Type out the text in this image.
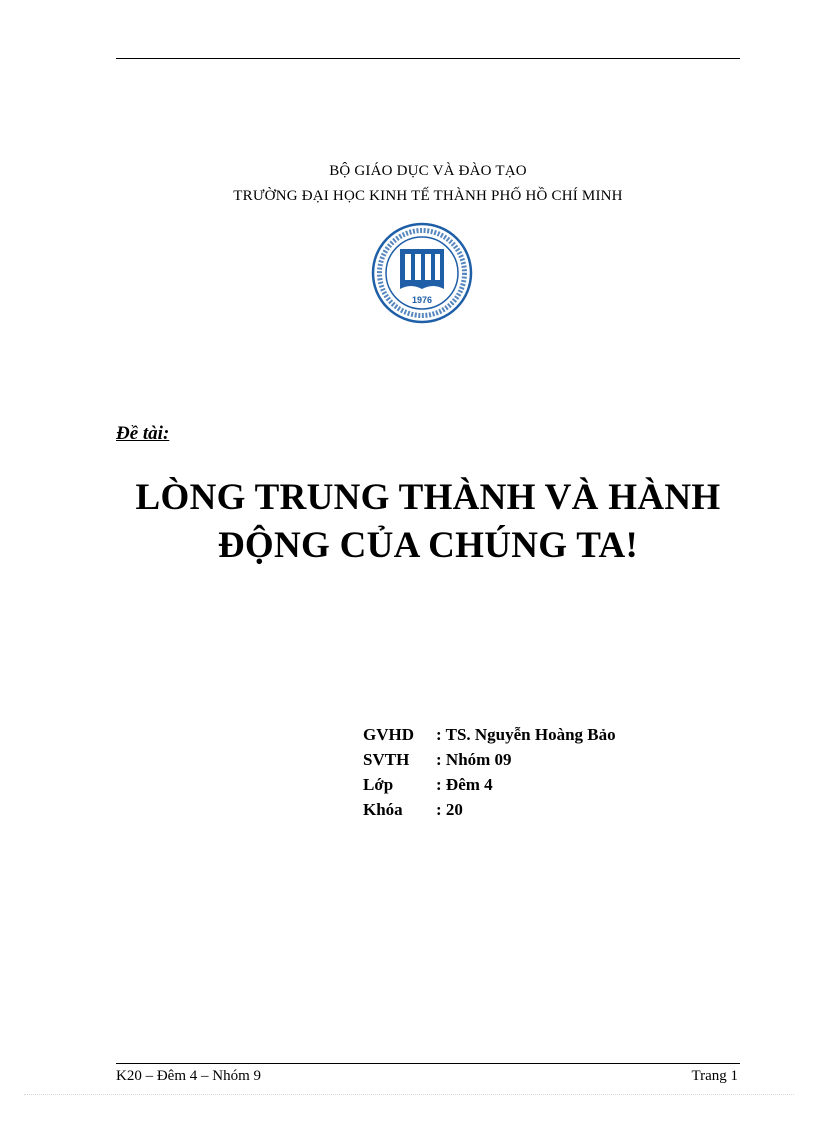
BỘ GIÁO DỤC VÀ ĐÀO TẠO
TRƯỜNG ĐẠI HỌC KINH TẾ THÀNH PHỐ HỒ CHÍ MINH
1976
Đề tài:
LÒNG TRUNG THÀNH VÀ HÀNH
ĐỘNG CỦA CHÚNG TA!
GVHD	: TS. Nguyễn Hoàng Bảo
SVTH	: Nhóm 09
Lớp	: Đêm 4
Khóa	: 20
K20 – Đêm 4 – Nhóm 9	Trang 1
